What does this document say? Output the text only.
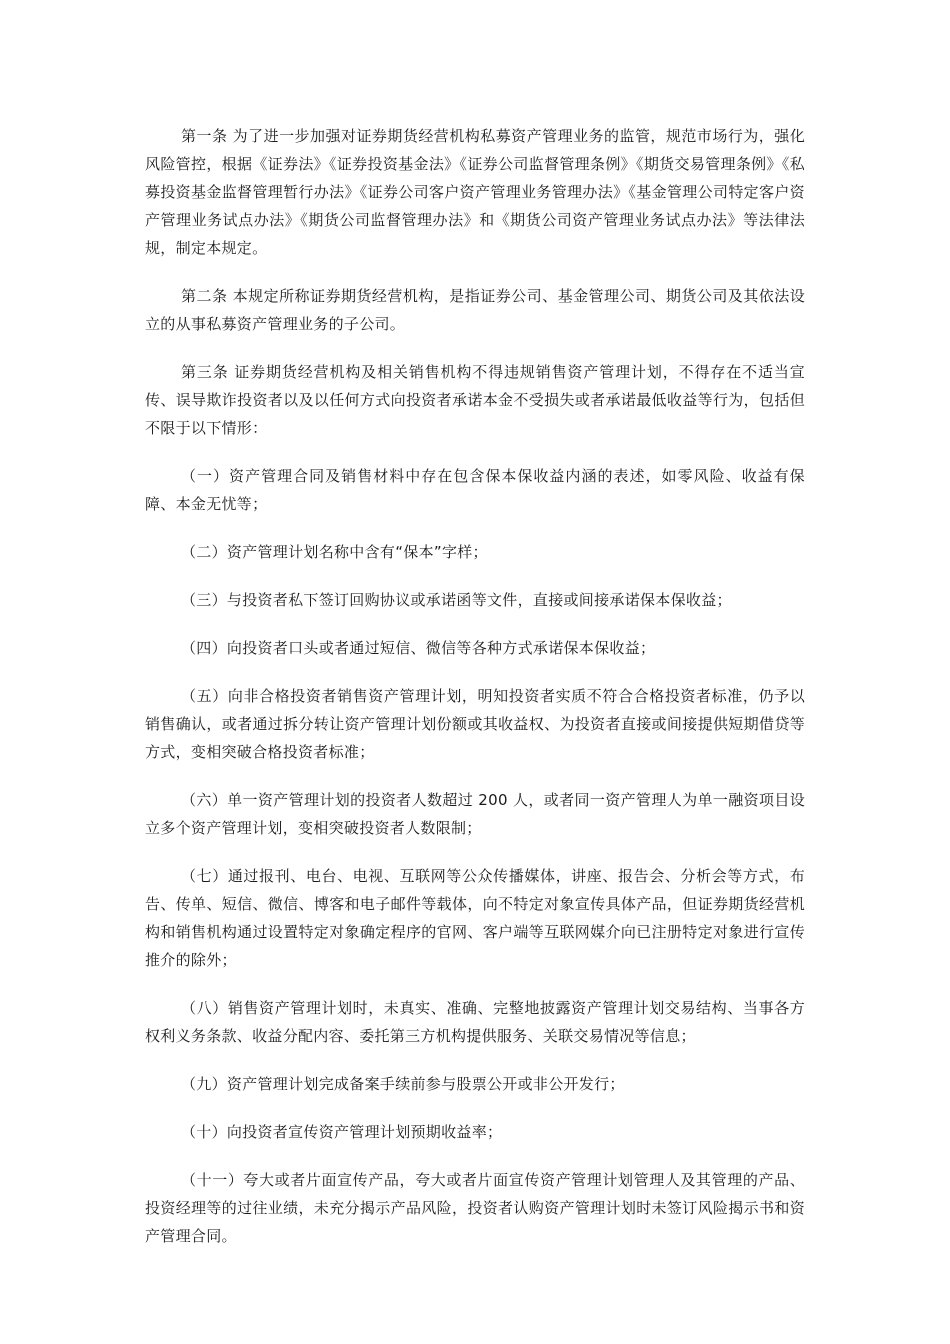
第一条 为了进一步加强对证券期货经营机构私募资产管理业务的监管，规范市场行为，强化风险管控，根据《证券法》《证券投资基金法》《证券公司监督管理条例》《期货交易管理条例》《私募投资基金监督管理暂行办法》《证券公司客户资产管理业务管理办法》《基金管理公司特定客户资产管理业务试点办法》《期货公司监督管理办法》和《期货公司资产管理业务试点办法》等法律法规，制定本规定。

第二条 本规定所称证券期货经营机构，是指证券公司、基金管理公司、期货公司及其依法设立的从事私募资产管理业务的子公司。

第三条 证券期货经营机构及相关销售机构不得违规销售资产管理计划，不得存在不适当宣传、误导欺诈投资者以及以任何方式向投资者承诺本金不受损失或者承诺最低收益等行为，包括但不限于以下情形：

（一）资产管理合同及销售材料中存在包含保本保收益内涵的表述，如零风险、收益有保障、本金无忧等；

（二）资产管理计划名称中含有“保本”字样；

（三）与投资者私下签订回购协议或承诺函等文件，直接或间接承诺保本保收益；

（四）向投资者口头或者通过短信、微信等各种方式承诺保本保收益；

（五）向非合格投资者销售资产管理计划，明知投资者实质不符合合格投资者标准，仍予以销售确认，或者通过拆分转让资产管理计划份额或其收益权、为投资者直接或间接提供短期借贷等方式，变相突破合格投资者标准；

（六）单一资产管理计划的投资者人数超过 200 人，或者同一资产管理人为单一融资项目设立多个资产管理计划，变相突破投资者人数限制；

（七）通过报刊、电台、电视、互联网等公众传播媒体，讲座、报告会、分析会等方式，布告、传单、短信、微信、博客和电子邮件等载体，向不特定对象宣传具体产品，但证券期货经营机构和销售机构通过设置特定对象确定程序的官网、客户端等互联网媒介向已注册特定对象进行宣传推介的除外；

（八）销售资产管理计划时，未真实、准确、完整地披露资产管理计划交易结构、当事各方权利义务条款、收益分配内容、委托第三方机构提供服务、关联交易情况等信息；

（九）资产管理计划完成备案手续前参与股票公开或非公开发行；

（十）向投资者宣传资产管理计划预期收益率；

（十一）夸大或者片面宣传产品，夸大或者片面宣传资产管理计划管理人及其管理的产品、投资经理等的过往业绩，未充分揭示产品风险，投资者认购资产管理计划时未签订风险揭示书和资产管理合同。
